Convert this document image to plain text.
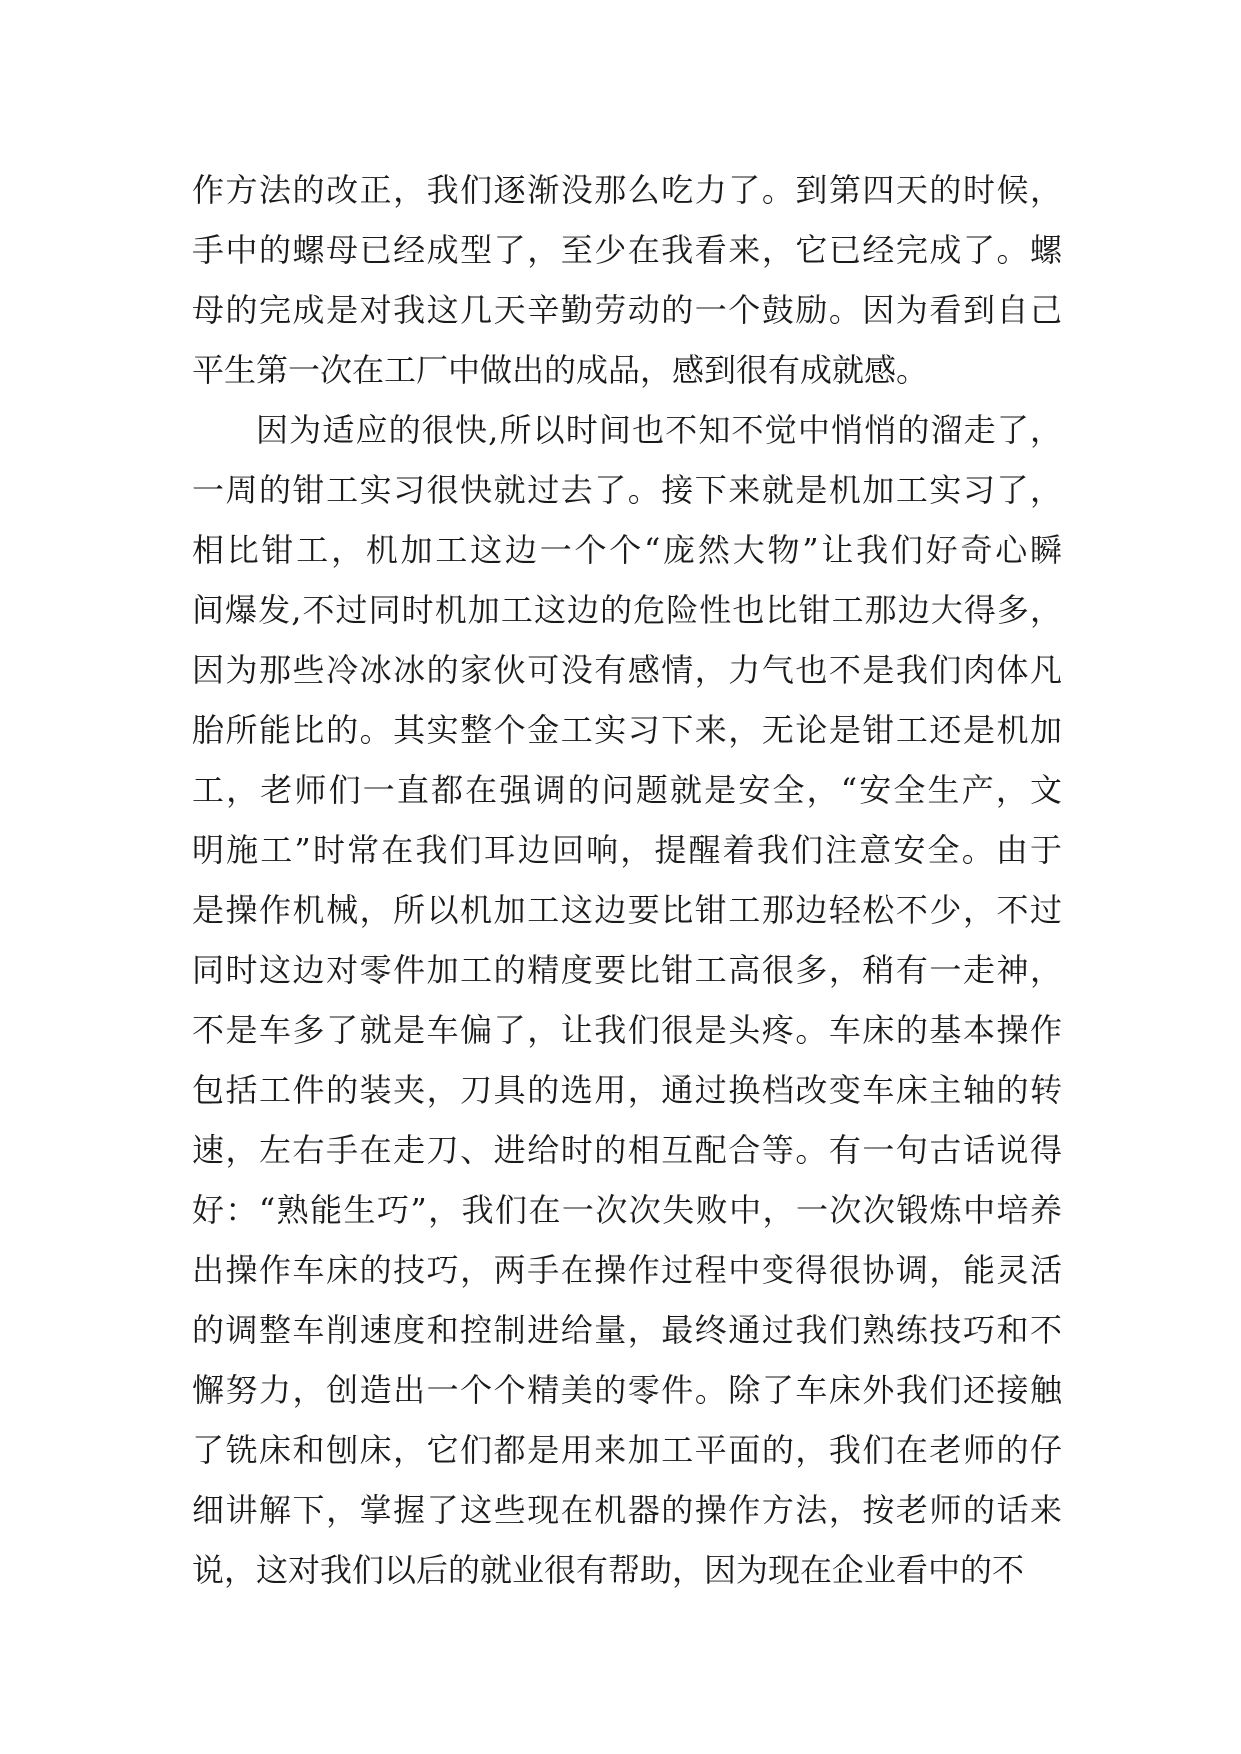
作方法的改正，我们逐渐没那么吃力了。到第四天的时候，
手中的螺母已经成型了，至少在我看来，它已经完成了。螺
母的完成是对我这几天辛勤劳动的一个鼓励。因为看到自己
平生第一次在工厂中做出的成品，感到很有成就感。
因为适应的很快,所以时间也不知不觉中悄悄的溜走了，
一周的钳工实习很快就过去了。接下来就是机加工实习了，
相比钳工，机加工这边一个个“庞然大物”让我们好奇心瞬
间爆发,不过同时机加工这边的危险性也比钳工那边大得多，
因为那些冷冰冰的家伙可没有感情，力气也不是我们肉体凡
胎所能比的。其实整个金工实习下来，无论是钳工还是机加
工，老师们一直都在强调的问题就是安全，“安全生产，文
明施工”时常在我们耳边回响，提醒着我们注意安全。由于
是操作机械，所以机加工这边要比钳工那边轻松不少，不过
同时这边对零件加工的精度要比钳工高很多，稍有一走神，
不是车多了就是车偏了，让我们很是头疼。车床的基本操作
包括工件的装夹，刀具的选用，通过换档改变车床主轴的转
速，左右手在走刀、进给时的相互配合等。有一句古话说得
好：“熟能生巧”，我们在一次次失败中，一次次锻炼中培养
出操作车床的技巧，两手在操作过程中变得很协调，能灵活
的调整车削速度和控制进给量，最终通过我们熟练技巧和不
懈努力，创造出一个个精美的零件。除了车床外我们还接触
了铣床和刨床，它们都是用来加工平面的，我们在老师的仔
细讲解下，掌握了这些现在机器的操作方法，按老师的话来
说，这对我们以后的就业很有帮助，因为现在企业看中的不
